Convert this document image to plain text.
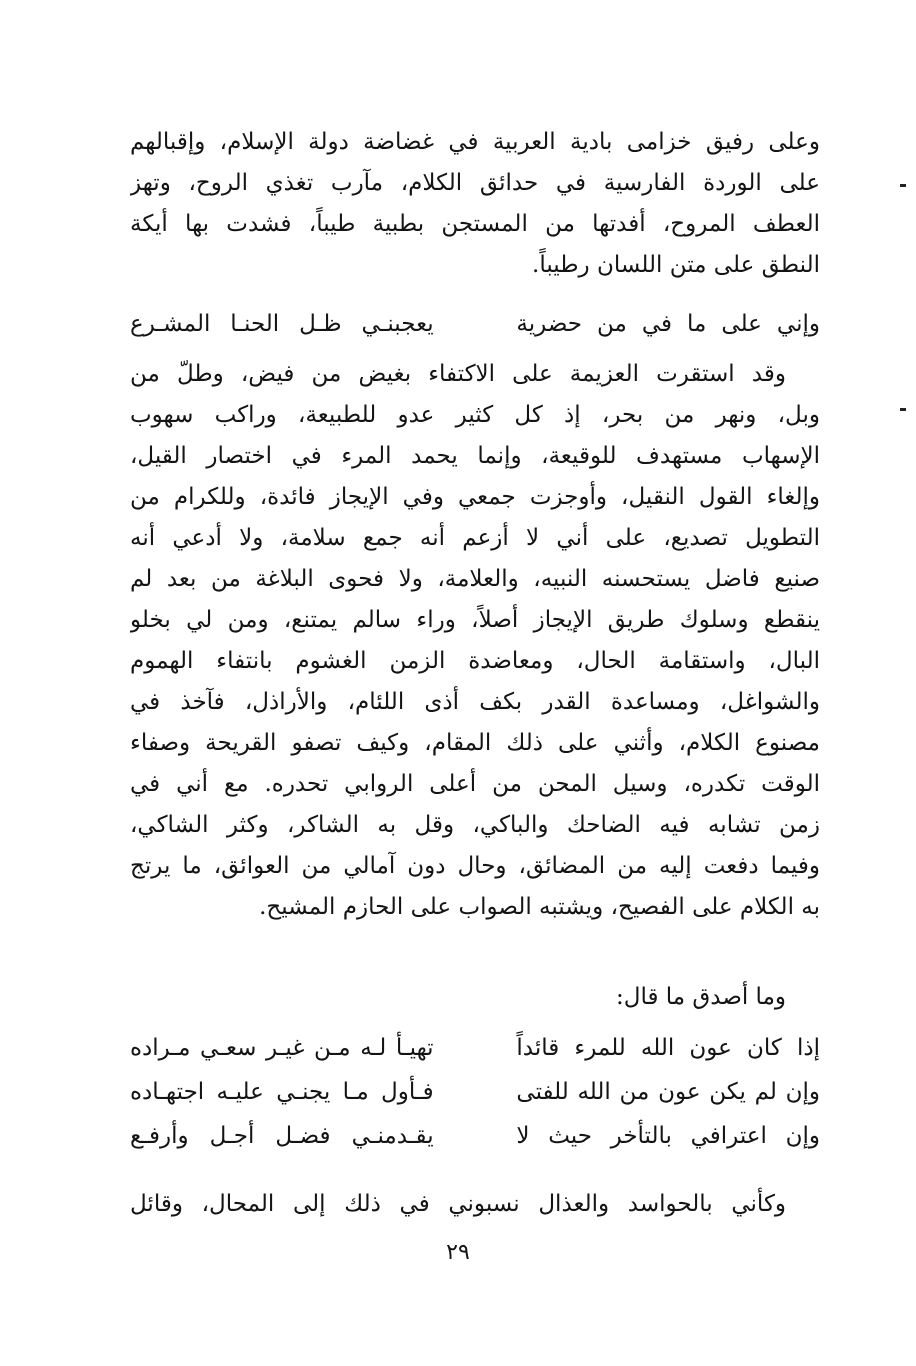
وعلى رفيق خزامى بادية العربية في غضاضة دولة الإسلام، وإقبالهم
على الوردة الفارسية في حدائق الكلام، مآرب تغذي الروح، وتهز
العطف المروح، أفدتها من المستجن بطبية طيباً، فشدت بها أيكة
النطق على متن اللسان رطيباً.
وإني على ما في من حضرية
يعجبنـي ظـل الحنـا المشـرع
وقد استقرت العزيمة على الاكتفاء بغيض من فيض، وطلّ من
وبل، ونهر من بحر، إذ كل كثير عدو للطبيعة، وراكب سهوب
الإسهاب مستهدف للوقيعة، وإنما يحمد المرء في اختصار القيل،
وإلغاء القول النقيل، وأوجزت جمعي وفي الإيجاز فائدة، وللكرام من
التطويل تصديع، على أني لا أزعم أنه جمع سلامة، ولا أدعي أنه
صنيع فاضل يستحسنه النبيه، والعلامة، ولا فحوى البلاغة من بعد لم
ينقطع وسلوك طريق الإيجاز أصلاً، وراء سالم يمتنع، ومن لي بخلو
البال، واستقامة الحال، ومعاضدة الزمن الغشوم بانتفاء الهموم
والشواغل، ومساعدة القدر بكف أذى اللئام، والأراذل، فآخذ في
مصنوع الكلام، وأثني على ذلك المقام، وكيف تصفو القريحة وصفاء
الوقت تكدره، وسيل المحن من أعلى الروابي تحدره. مع أني في
زمن تشابه فيه الضاحك والباكي، وقل به الشاكر، وكثر الشاكي،
وفيما دفعت إليه من المضائق، وحال دون آمالي من العوائق، ما يرتج
به الكلام على الفصيح، ويشتبه الصواب على الحازم المشيح.
وما أصدق ما قال:
إذا كان عون الله للمرء قائداً
تهيـأ لـه مـن غيـر سعـي مـراده
وإن لم يكن عون من الله للفتى
فـأول مـا يجنـي عليـه اجتهـاده
وإن اعترافي بالتأخر حيث لا
يقـدمنـي فضـل أجـل وأرفـع
وكأني بالحواسد والعذال نسبوني في ذلك إلى المحال، وقائل
٢٩
